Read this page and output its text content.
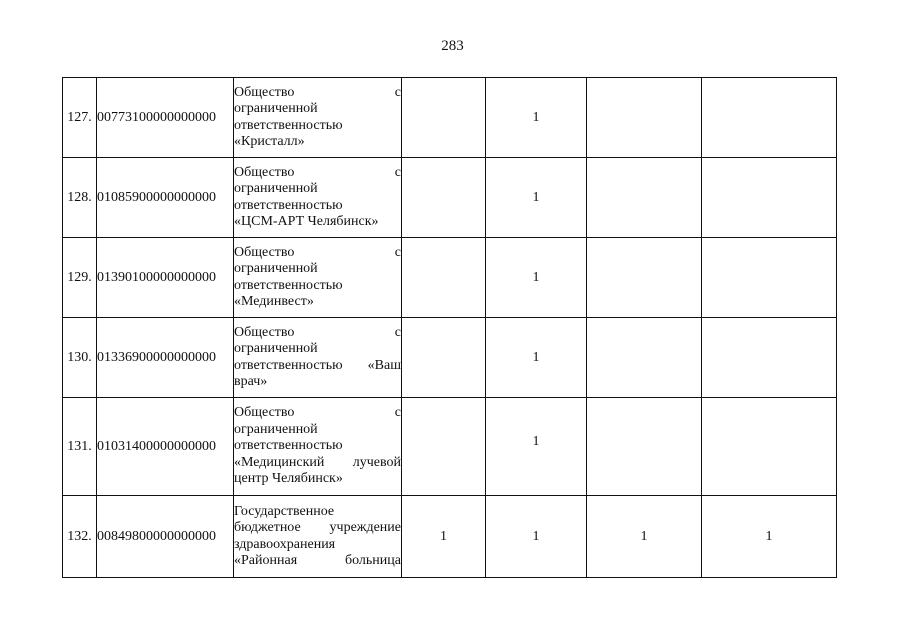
283
127.	00773100000000000	Общество с
ограниченной
ответственностью
«Кристалл»		1		
128.	01085900000000000	Общество с
ограниченной
ответственностью
«ЦСМ-АРТ Челябинск»		1		
129.	01390100000000000	Общество с
ограниченной
ответственностью
«Мединвест»		1		
130.	01336900000000000	Общество с
ограниченной
ответственностью «Ваш
врач»		1		
131.	01031400000000000	Общество с
ограниченной
ответственностью
«Медицинский лучевой
центр Челябинск»		1		
132.	00849800000000000	Государственное
бюджетное учреждение
здравоохранения
«Районная больница	1	1	1	1
